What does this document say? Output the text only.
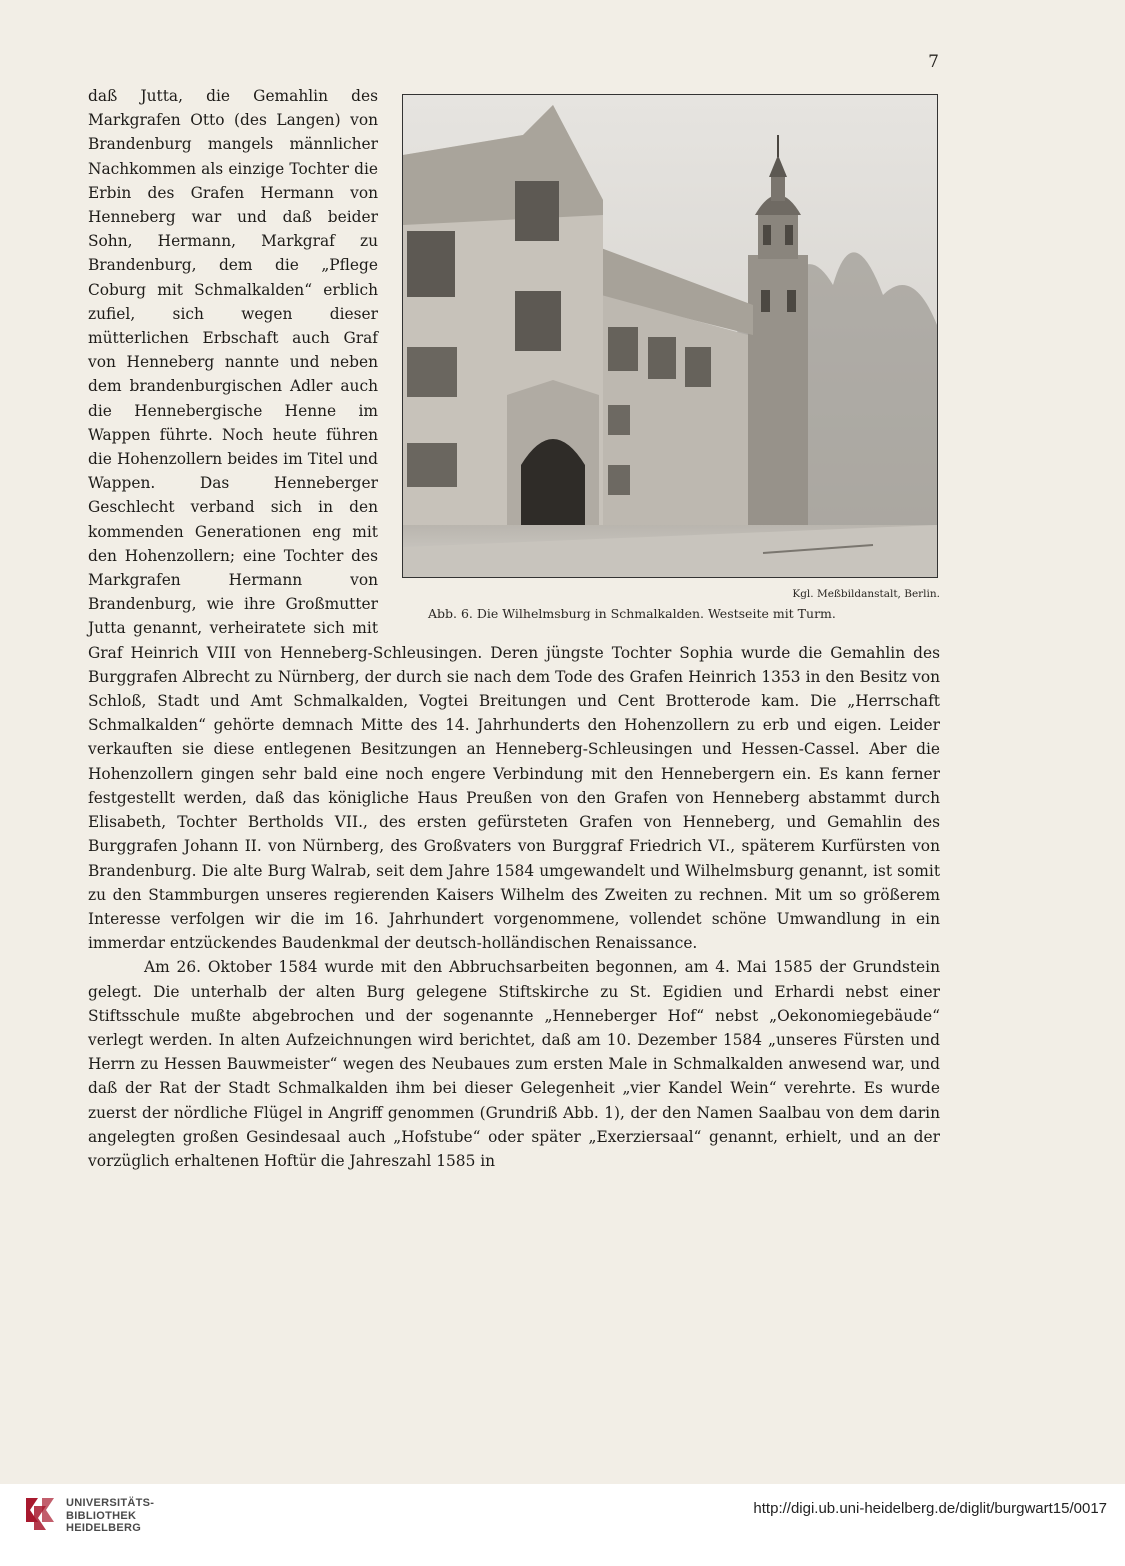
7
Kgl. Meßbildanstalt, Berlin.
Abb. 6. Die Wilhelmsburg in Schmalkalden. Westseite mit Turm.

daß Jutta, die Gemahlin des Markgrafen Otto (des Langen) von Brandenburg mangels männlicher Nachkommen als einzige Tochter die Erbin des Grafen Hermann von Henneberg war und daß beider Sohn, Hermann, Markgraf zu Brandenburg, dem die „Pflege Coburg mit Schmalkalden“ erblich zufiel, sich wegen dieser mütterlichen Erbschaft auch Graf von Henneberg nannte und neben dem brandenburgischen Adler auch die Hennebergische Henne im Wappen führte. Noch heute führen die Hohenzollern beides im Titel und Wappen. Das Henneberger Geschlecht verband sich in den kommenden Generationen eng mit den Hohenzollern; eine Tochter des Markgrafen Hermann von Brandenburg, wie ihre Großmutter Jutta genannt, verheiratete sich mit Graf Heinrich VIII von Henneberg-Schleusingen. Deren jüngste Tochter Sophia wurde die Gemahlin des Burggrafen Albrecht zu Nürnberg, der durch sie nach dem Tode des Grafen Heinrich 1353 in den Besitz von Schloß, Stadt und Amt Schmalkalden, Vogtei Breitungen und Cent Brotterode kam. Die „Herrschaft Schmalkalden“ gehörte demnach Mitte des 14. Jahrhunderts den Hohenzollern zu erb und eigen. Leider verkauften sie diese entlegenen Besitzungen an Henneberg-Schleusingen und Hessen-Cassel. Aber die Hohenzollern gingen sehr bald eine noch engere Verbindung mit den Hennebergern ein. Es kann ferner festgestellt werden, daß das königliche Haus Preußen von den Grafen von Henneberg abstammt durch Elisabeth, Tochter Bertholds VII., des ersten gefürsteten Grafen von Henneberg, und Gemahlin des Burggrafen Johann II. von Nürnberg, des Großvaters von Burggraf Friedrich VI., späterem Kurfürsten von Brandenburg. Die alte Burg Walrab, seit dem Jahre 1584 umgewandelt und Wilhelmsburg genannt, ist somit zu den Stammburgen unseres regierenden Kaisers Wilhelm des Zweiten zu rechnen. Mit um so größerem Interesse verfolgen wir die im 16. Jahrhundert vorgenommene, vollendet schöne Umwandlung in ein immerdar entzückendes Baudenkmal der deutsch-holländischen Renaissance.

Am 26. Oktober 1584 wurde mit den Abbruchsarbeiten begonnen, am 4. Mai 1585 der Grundstein gelegt. Die unterhalb der alten Burg gelegene Stiftskirche zu St. Egidien und Erhardi nebst einer Stiftsschule mußte abgebrochen und der sogenannte „Henneberger Hof“ nebst „Oekonomiegebäude“ verlegt werden. In alten Aufzeichnungen wird berichtet, daß am 10. Dezember 1584 „unseres Fürsten und Herrn zu Hessen Bauwmeister“ wegen des Neubaues zum ersten Male in Schmalkalden anwesend war, und daß der Rat der Stadt Schmalkalden ihm bei dieser Gelegenheit „vier Kandel Wein“ verehrte. Es wurde zuerst der nördliche Flügel in Angriff genommen (Grundriß Abb. 1), der den Namen Saalbau von dem darin angelegten großen Gesindesaal auch „Hofstube“ oder später „Exerziersaal“ genannt, erhielt, und an der vorzüglich erhaltenen Hoftür die Jahreszahl 1585 in

UNIVERSITÄTS-
BIBLIOTHEK
HEIDELBERG
http://digi.ub.uni-heidelberg.de/diglit/burgwart15/0017
